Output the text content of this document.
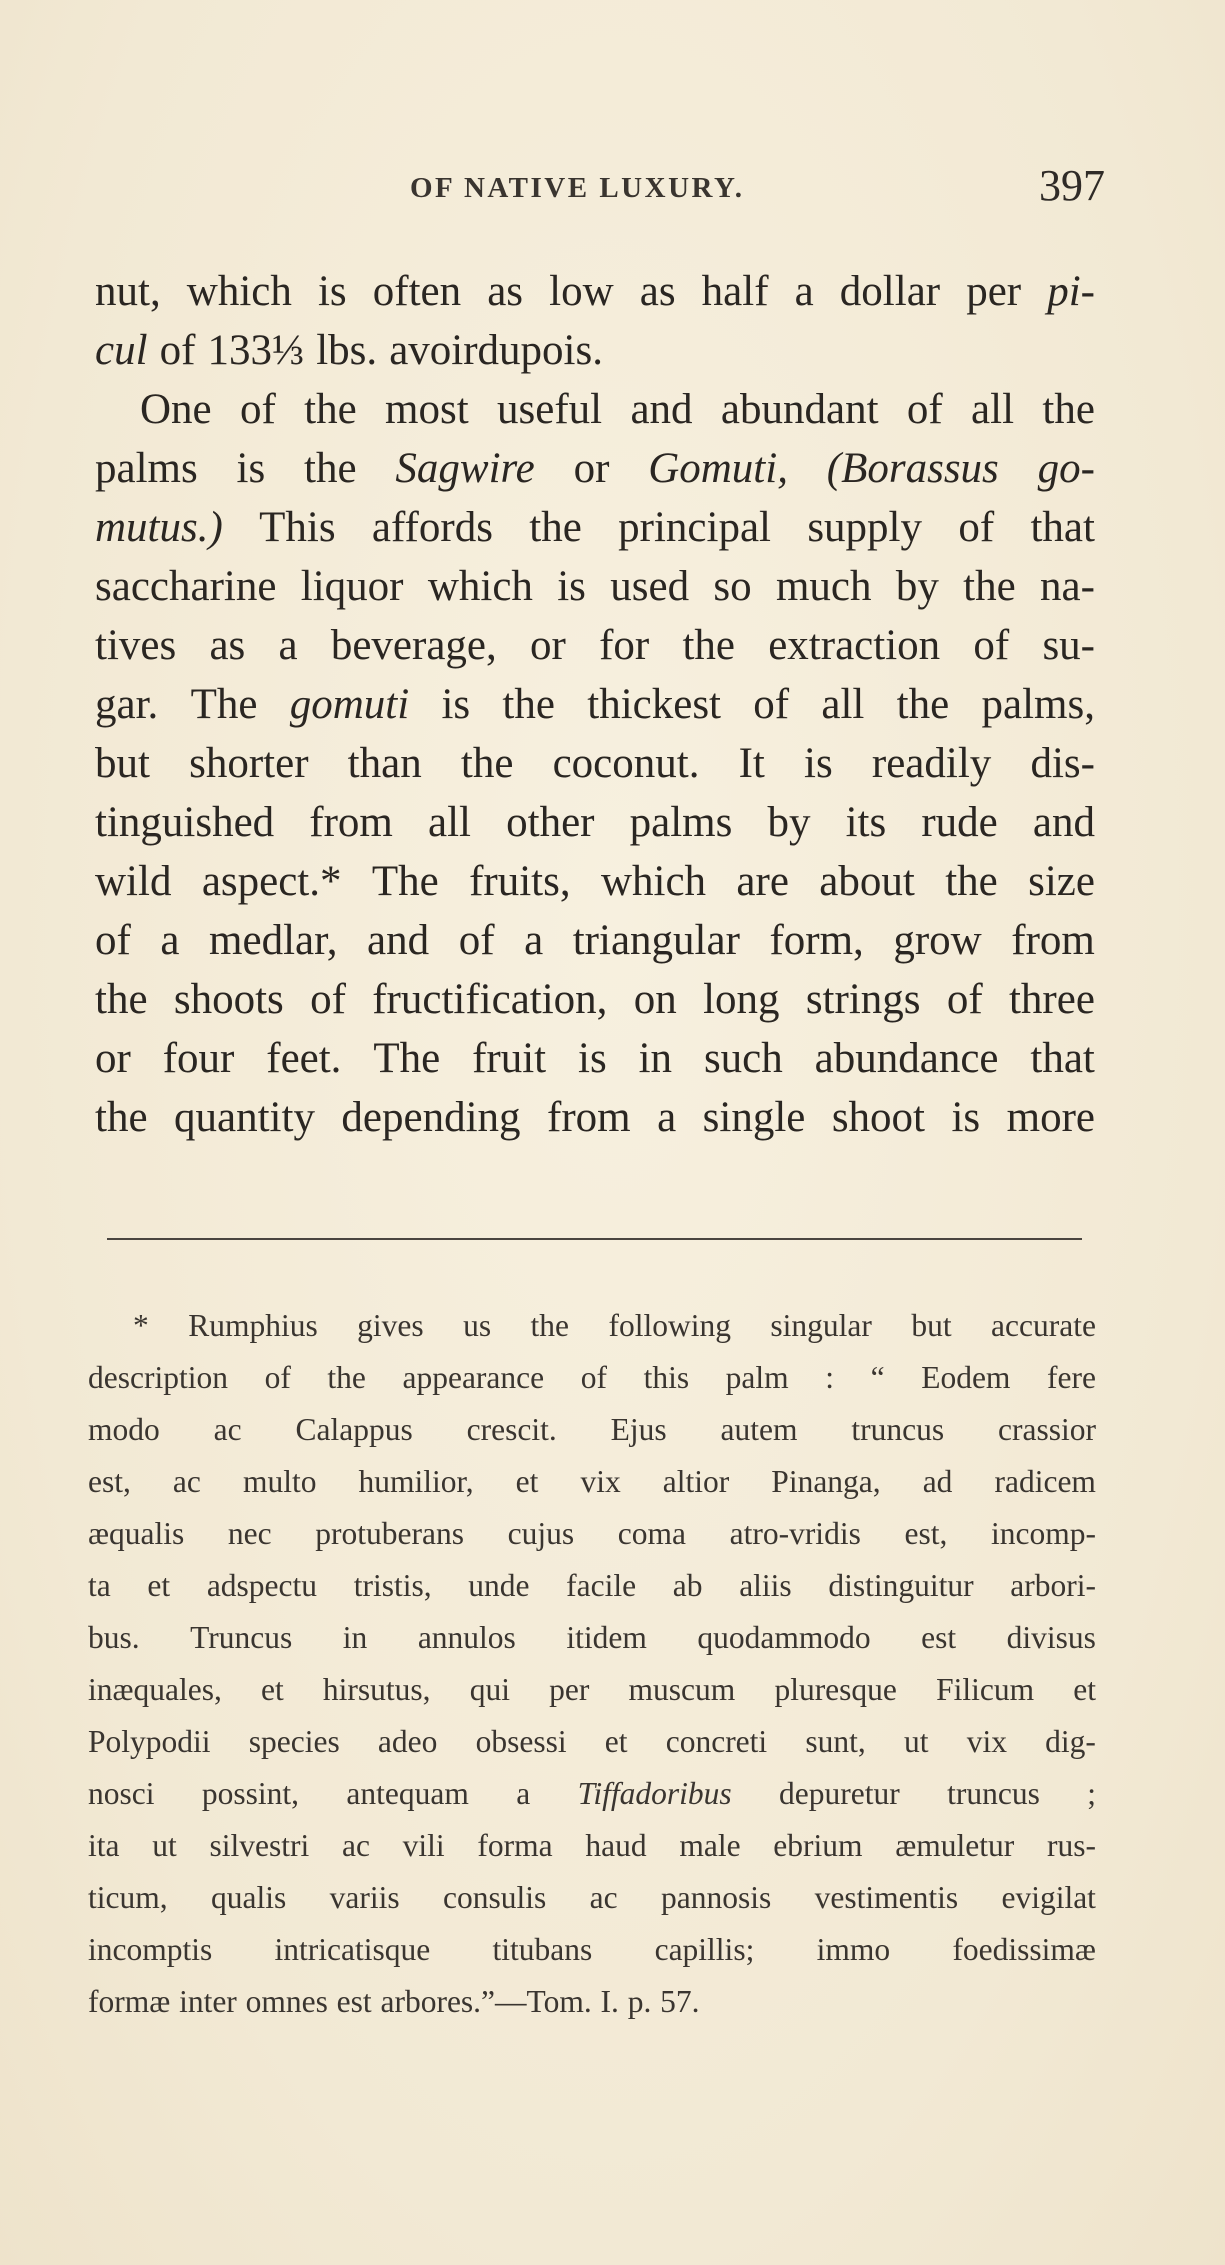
OF NATIVE LUXURY.	397
nut, which is often as low as half a dollar per pi-
cul of 133⅓ lbs. avoirdupois.
One of the most useful and abundant of all the
palms is the Sagwire or Gomuti, (Borassus go-
mutus.) This affords the principal supply of that
saccharine liquor which is used so much by the na-
tives as a beverage, or for the extraction of su-
gar. The gomuti is the thickest of all the palms,
but shorter than the coconut. It is readily dis-
tinguished from all other palms by its rude and
wild aspect.* The fruits, which are about the size
of a medlar, and of a triangular form, grow from
the shoots of fructification, on long strings of three
or four feet. The fruit is in such abundance that
the quantity depending from a single shoot is more
* Rumphius gives us the following singular but accurate
description of the appearance of this palm : “ Eodem fere
modo ac Calappus crescit. Ejus autem truncus crassior
est, ac multo humilior, et vix altior Pinanga, ad radicem
æqualis nec protuberans cujus coma atro-vridis est, incomp-
ta et adspectu tristis, unde facile ab aliis distinguitur arbori-
bus. Truncus in annulos itidem quodammodo est divisus
inæquales, et hirsutus, qui per muscum pluresque Filicum et
Polypodii species adeo obsessi et concreti sunt, ut vix dig-
nosci possint, antequam a Tiffadoribus depuretur truncus ;
ita ut silvestri ac vili forma haud male ebrium æmuletur rus-
ticum, qualis variis consulis ac pannosis vestimentis evigilat
incomptis intricatisque titubans capillis; immo foedissimæ
formæ inter omnes est arbores.”—Tom. I. p. 57.
